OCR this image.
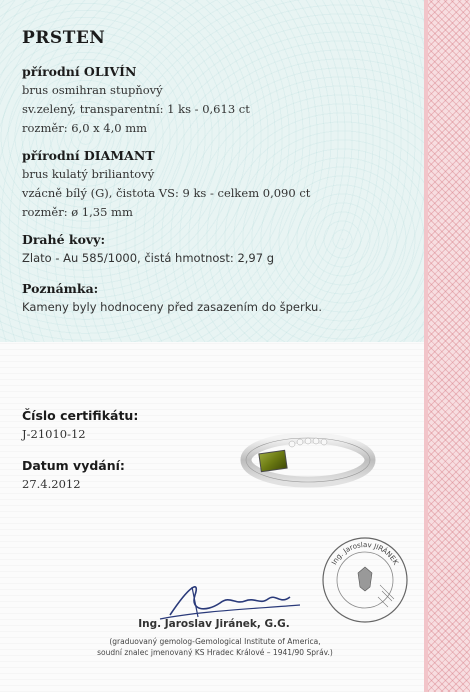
PRSTEN
přírodní OLIVÍN

brus osmihran stupňový

sv.zelený, transparentní: 1 ks - 0,613 ct

rozměr: 6,0 x 4,0 mm

přírodní DIAMANT

brus kulatý briliantový

vzácně bílý (G), čistota VS: 9 ks - celkem 0,090 ct

rozměr: ø 1,35 mm

Drahé kovy:

Zlato - Au 585/1000, čistá hmotnost: 2,97 g

Poznámka:

Kameny byly hodnoceny před zasazením do šperku.

Číslo certifikátu:

J-21010-12

Datum vydání:

27.4.2012

Ing. Jaroslav JIRÁNEK
Ing. Jaroslav Jiránek, G.G.
(graduovaný gemolog-Gemological Institute of America,
soudní znalec jmenovaný KS Hradec Králové – 1941/90 Správ.)
